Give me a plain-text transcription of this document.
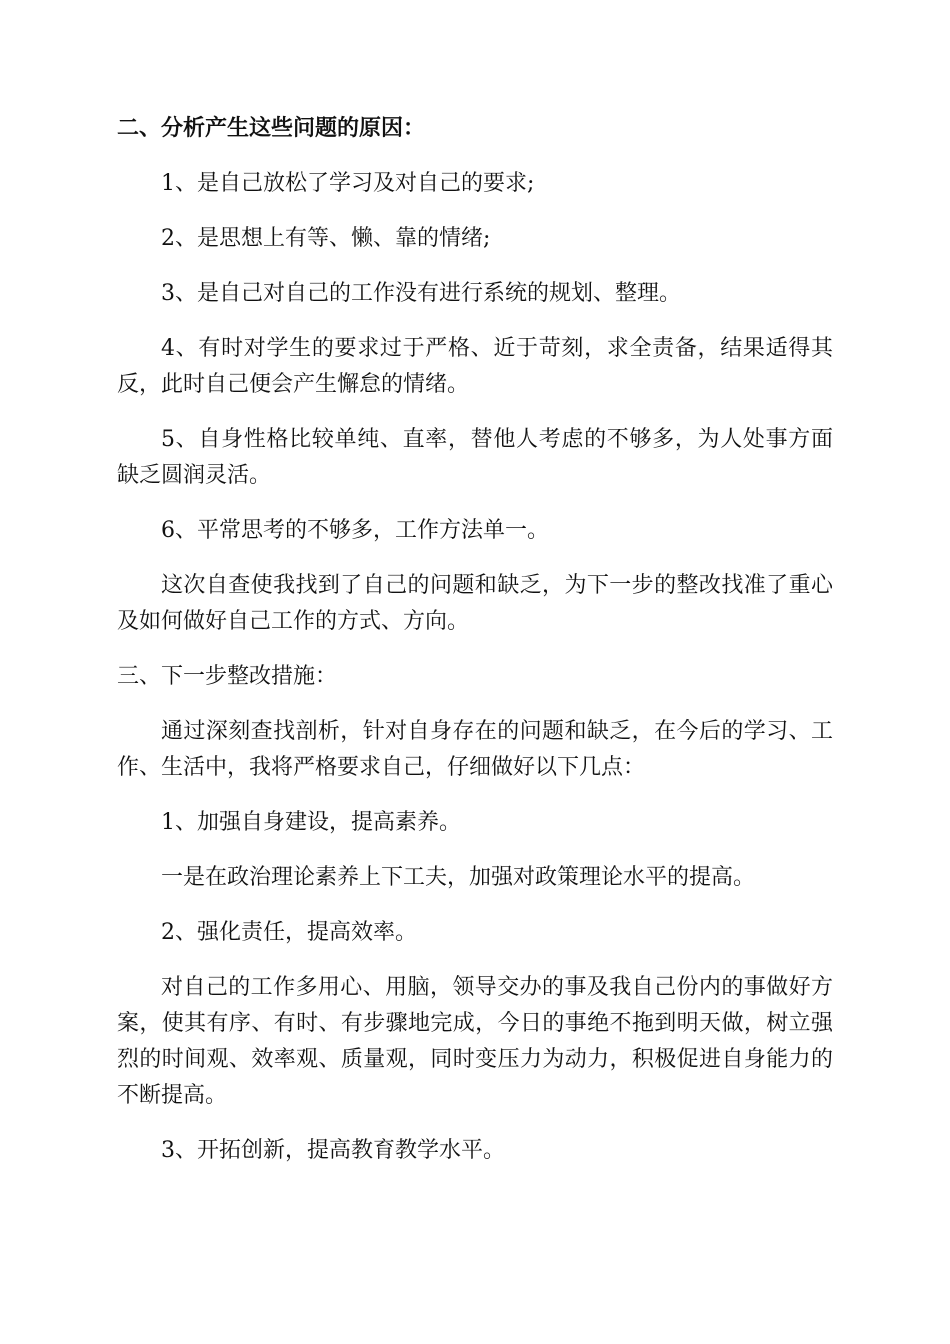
二、分析产生这些问题的原因：

1、是自己放松了学习及对自己的要求;

2、是思想上有等、懒、靠的情绪;

3、是自己对自己的工作没有进行系统的规划、整理。

4、有时对学生的要求过于严格、近于苛刻，求全责备，结果适得其反，此时自己便会产生懈怠的情绪。

5、自身性格比较单纯、直率，替他人考虑的不够多，为人处事方面缺乏圆润灵活。

6、平常思考的不够多，工作方法单一。

这次自查使我找到了自己的问题和缺乏，为下一步的整改找准了重心及如何做好自己工作的方式、方向。

三、下一步整改措施：

通过深刻查找剖析，针对自身存在的问题和缺乏，在今后的学习、工作、生活中，我将严格要求自己，仔细做好以下几点：

1、加强自身建设，提高素养。

一是在政治理论素养上下工夫，加强对政策理论水平的提高。

2、强化责任，提高效率。

对自己的工作多用心、用脑，领导交办的事及我自己份内的事做好方案，使其有序、有时、有步骤地完成，今日的事绝不拖到明天做，树立强烈的时间观、效率观、质量观，同时变压力为动力，积极促进自身能力的不断提高。

3、开拓创新，提高教育教学水平。
